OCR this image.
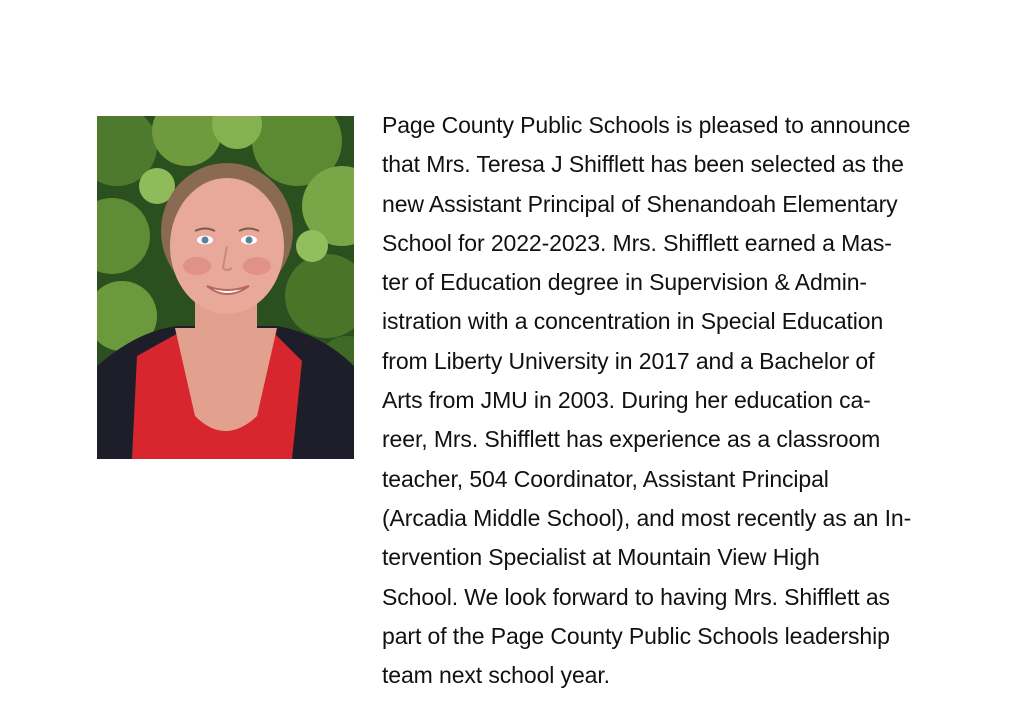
Page County Public Schools is pleased to announce
that Mrs. Teresa J Shifflett has been selected as the
new Assistant Principal of Shenandoah Elementary
School for 2022-2023. Mrs. Shifflett earned a Mas-
ter of Education degree in Supervision & Admin-
istration with a concentration in Special Education
from Liberty University in 2017 and a Bachelor of
Arts from JMU in 2003. During her education ca-
reer, Mrs. Shifflett has experience as a classroom
teacher, 504 Coordinator, Assistant Principal
(Arcadia Middle School), and most recently as an In-
tervention Specialist at Mountain View High
School. We look forward to having Mrs. Shifflett as
part of the Page County Public Schools leadership
team next school year.
